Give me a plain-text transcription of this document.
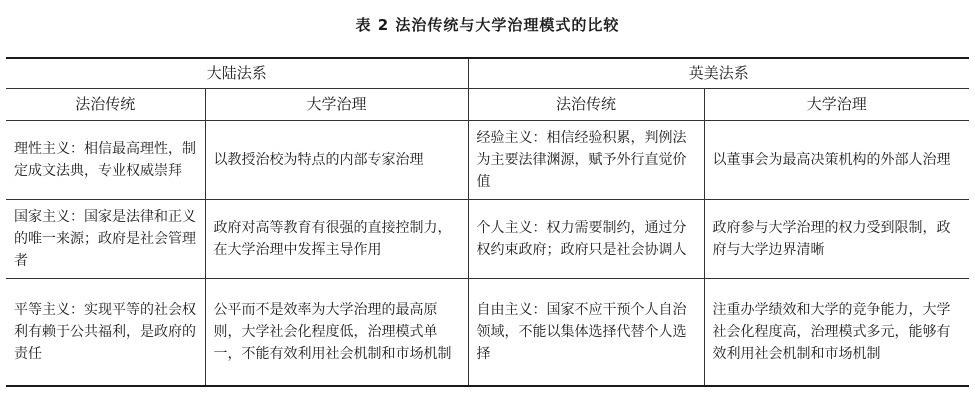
表 2 法治传统与大学治理模式的比较
大陆法系		英美法系	
法治传统	大学治理	法治传统	大学治理
理性主义：相信最高理性，制定成文法典，专业权威崇拜	以教授治校为特点的内部专家治理	经验主义：相信经验积累，判例法为主要法律渊源，赋予外行直觉价值	以董事会为最高决策机构的外部人治理
国家主义：国家是法律和正义的唯一来源；政府是社会管理者	政府对高等教育有很强的直接控制力，在大学治理中发挥主导作用	个人主义：权力需要制约，通过分权约束政府；政府只是社会协调人	政府参与大学治理的权力受到限制，政府与大学边界清晰
平等主义：实现平等的社会权利有赖于公共福利，是政府的责任	公平而不是效率为大学治理的最高原则，大学社会化程度低，治理模式单一，不能有效利用社会机制和市场机制	自由主义：国家不应干预个人自治领域，不能以集体选择代替个人选择	注重办学绩效和大学的竞争能力，大学社会化程度高，治理模式多元，能够有效利用社会机制和市场机制
